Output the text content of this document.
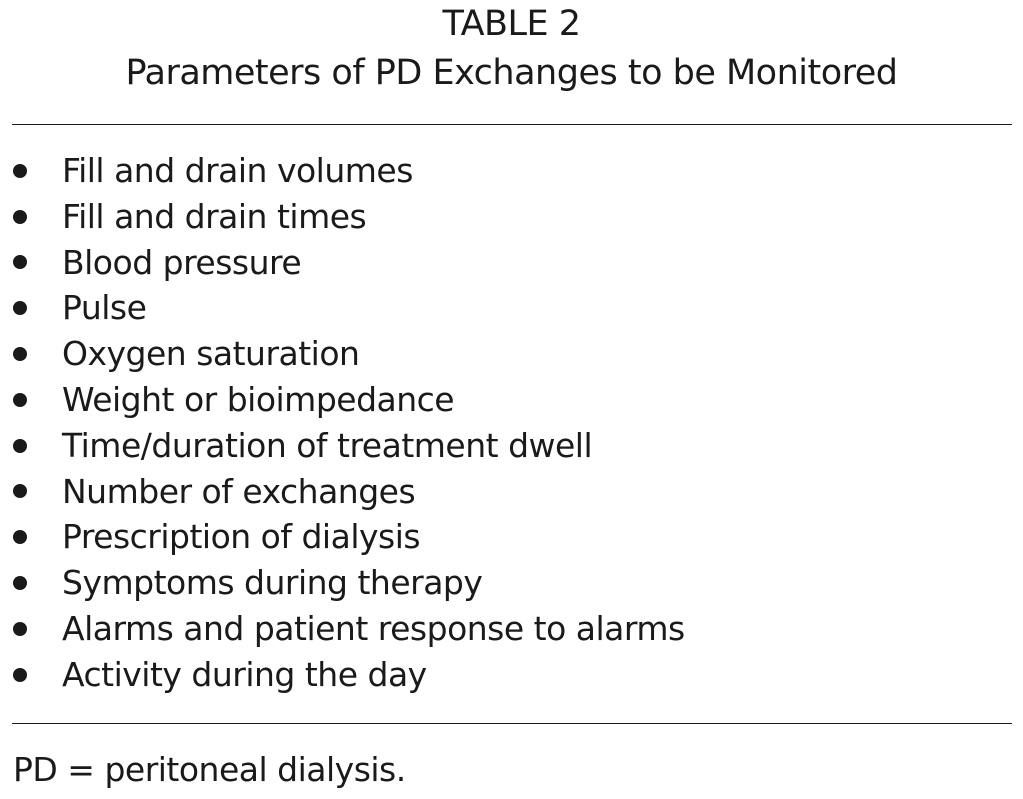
TABLE 2
Parameters of PD Exchanges to be Monitored
Fill and drain volumes
Fill and drain times
Blood pressure
Pulse
Oxygen saturation
Weight or bioimpedance
Time/duration of treatment dwell
Number of exchanges
Prescription of dialysis
Symptoms during therapy
Alarms and patient response to alarms
Activity during the day
PD = peritoneal dialysis.
